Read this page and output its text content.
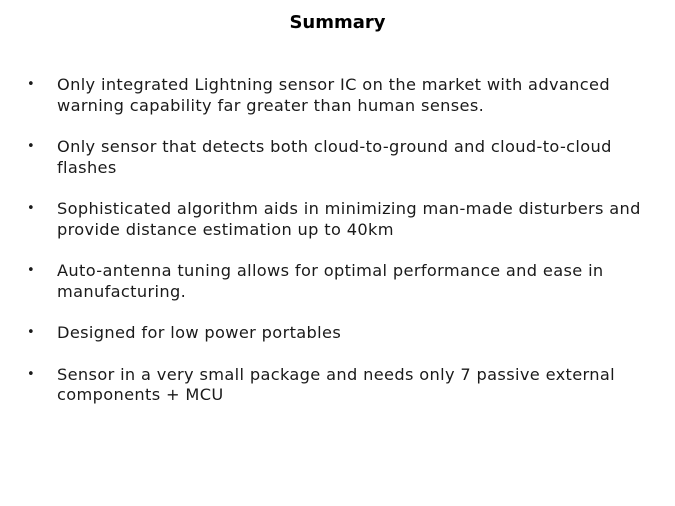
Summary
• Only integrated Lightning sensor IC on the market with advanced warning capability far greater than human senses.
• Only sensor that detects both cloud-to-ground and cloud-to-cloud flashes
• Sophisticated algorithm aids in minimizing man-made disturbers and provide distance estimation up to 40km
• Auto-antenna tuning allows for optimal performance and ease in manufacturing.
• Designed for low power portables
• Sensor in a very small package and needs only 7 passive external components + MCU
